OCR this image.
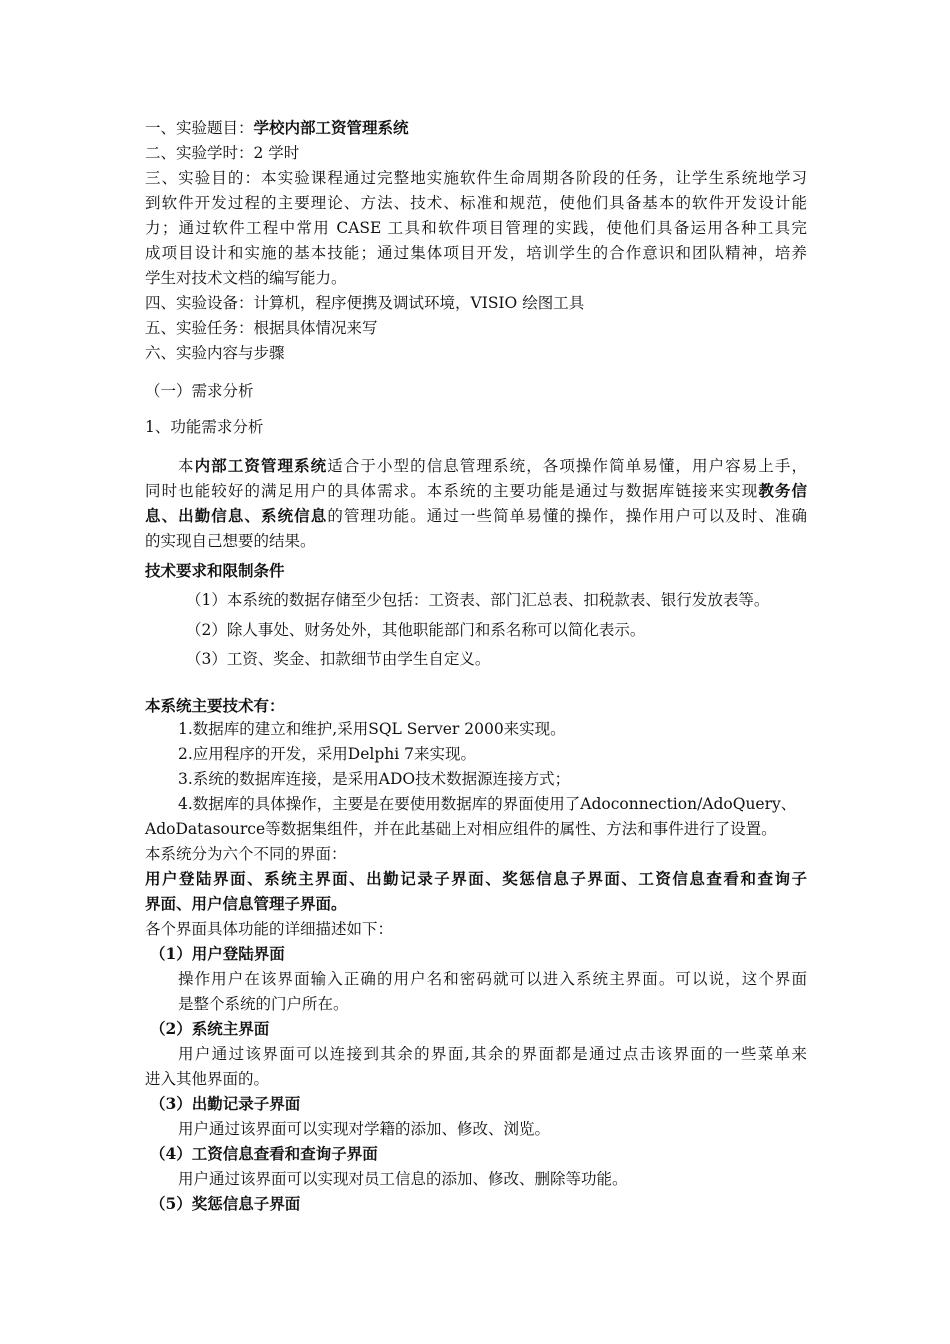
一、实验题目：学校内部工资管理系统
二、实验学时：2 学时
三、实验目的：本实验课程通过完整地实施软件生命周期各阶段的任务，让学生系统地学习
到软件开发过程的主要理论、方法、技术、标准和规范，使他们具备基本的软件开发设计能
力；通过软件工程中常用 CASE 工具和软件项目管理的实践，使他们具备运用各种工具完
成项目设计和实施的基本技能；通过集体项目开发，培训学生的合作意识和团队精神，培养
学生对技术文档的编写能力。
四、实验设备：计算机，程序便携及调试环境，VISIO 绘图工具
五、实验任务：根据具体情况来写
六、实验内容与步骤
（一）需求分析
1、功能需求分析
本内部工资管理系统适合于小型的信息管理系统，各项操作简单易懂，用户容易上手，
同时也能较好的满足用户的具体需求。本系统的主要功能是通过与数据库链接来实现教务信
息、出勤信息、系统信息的管理功能。通过一些简单易懂的操作，操作用户可以及时、准确
的实现自己想要的结果。
技术要求和限制条件
（1）本系统的数据存储至少包括：工资表、部门汇总表、扣税款表、银行发放表等。
（2）除人事处、财务处外，其他职能部门和系名称可以简化表示。
（3）工资、奖金、扣款细节由学生自定义。
本系统主要技术有：
1.数据库的建立和维护,采用SQL Server 2000来实现。
2.应用程序的开发，采用Delphi 7来实现。
3.系统的数据库连接，是采用ADO技术数据源连接方式；
4.数据库的具体操作，主要是在要使用数据库的界面使用了Adoconnection/AdoQuery、
AdoDatasource等数据集组件，并在此基础上对相应组件的属性、方法和事件进行了设置。
本系统分为六个不同的界面：
用户登陆界面、系统主界面、出勤记录子界面、奖惩信息子界面、工资信息查看和查询子
界面、用户信息管理子界面。
各个界面具体功能的详细描述如下：
（1）用户登陆界面
操作用户在该界面输入正确的用户名和密码就可以进入系统主界面。可以说，这个界面
是整个系统的门户所在。
（2）系统主界面
用户通过该界面可以连接到其余的界面,其余的界面都是通过点击该界面的一些菜单来
进入其他界面的。
（3）出勤记录子界面
用户通过该界面可以实现对学籍的添加、修改、浏览。
（4）工资信息查看和查询子界面
用户通过该界面可以实现对员工信息的添加、修改、删除等功能。
（5）奖惩信息子界面
